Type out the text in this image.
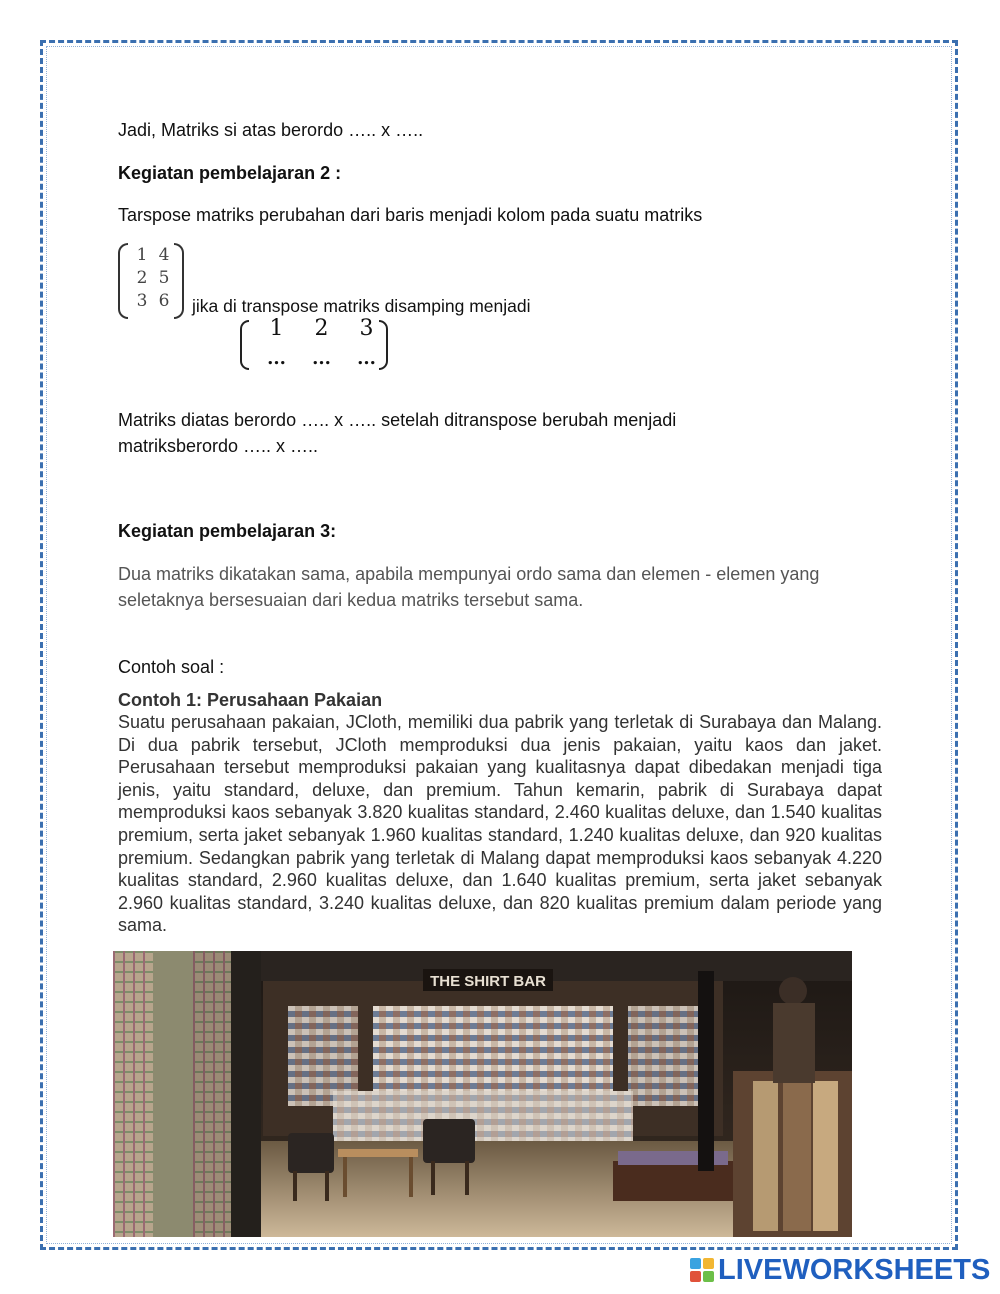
Jadi, Matriks si atas berordo ….. x …..

Kegiatan pembelajaran 2 :

Tarspose matriks perubahan dari baris menjadi kolom pada suatu matriks

1 4
2 5
3 6	jika di transpose matriks disamping menjadi

1	2	3
...	...	...

Matriks diatas berordo ….. x ….. setelah ditranspose berubah menjadi

matriksberordo ….. x …..

Kegiatan pembelajaran 3:

Dua matriks dikatakan sama, apabila mempunyai ordo sama dan elemen - elemen yang

seletaknya bersesuaian dari kedua matriks tersebut sama.

Contoh soal :

Contoh 1: Perusahaan Pakaian

Suatu perusahaan pakaian, JCloth, memiliki dua pabrik yang terletak di Surabaya dan Malang. Di dua pabrik tersebut, JCloth memproduksi dua jenis pakaian, yaitu kaos dan jaket. Perusahaan tersebut memproduksi pakaian yang kualitasnya dapat dibedakan menjadi tiga jenis, yaitu standard, deluxe, dan premium. Tahun kemarin, pabrik di Surabaya dapat memproduksi kaos sebanyak 3.820 kualitas standard, 2.460 kualitas deluxe, dan 1.540 kualitas premium, serta jaket sebanyak 1.960 kualitas standard, 1.240 kualitas deluxe, dan 920 kualitas premium. Sedangkan pabrik yang terletak di Malang dapat memproduksi kaos sebanyak 4.220 kualitas standard, 2.960 kualitas deluxe, dan 1.640 kualitas premium, serta jaket sebanyak 2.960 kualitas standard, 3.240 kualitas deluxe, dan 820 kualitas premium dalam periode yang sama.

THE SHIRT BAR
LIVEWORKSHEETS
